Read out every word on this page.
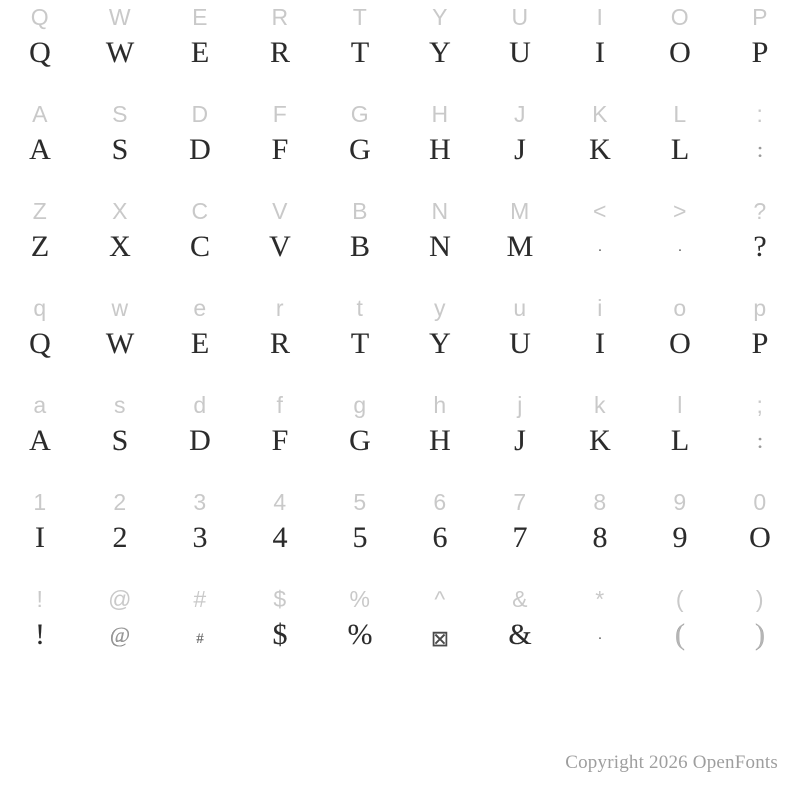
Q
Q
W
W
E
E
R
R
T
T
Y
Y
U
U
I
I
O
O
P
P
A
A
S
S
D
D
F
F
G
G
H
H
J
J
K
K
L
L
:
:
Z
Z
X
X
C
C
V
V
B
B
N
N
M
M
<
·
>
·
?
?
q
Q
w
W
e
E
r
R
t
T
y
Y
u
U
i
I
o
O
p
P
a
A
s
S
d
D
f
F
g
G
h
H
j
J
k
K
l
L
;
:
1
I
2
2
3
3
4
4
5
5
6
6
7
7
8
8
9
9
0
O
!
!
@
@
#
#
$
$
%
%
^
⊠
&
&
*
·
(
(
)
)
Copyright 2026 OpenFonts
